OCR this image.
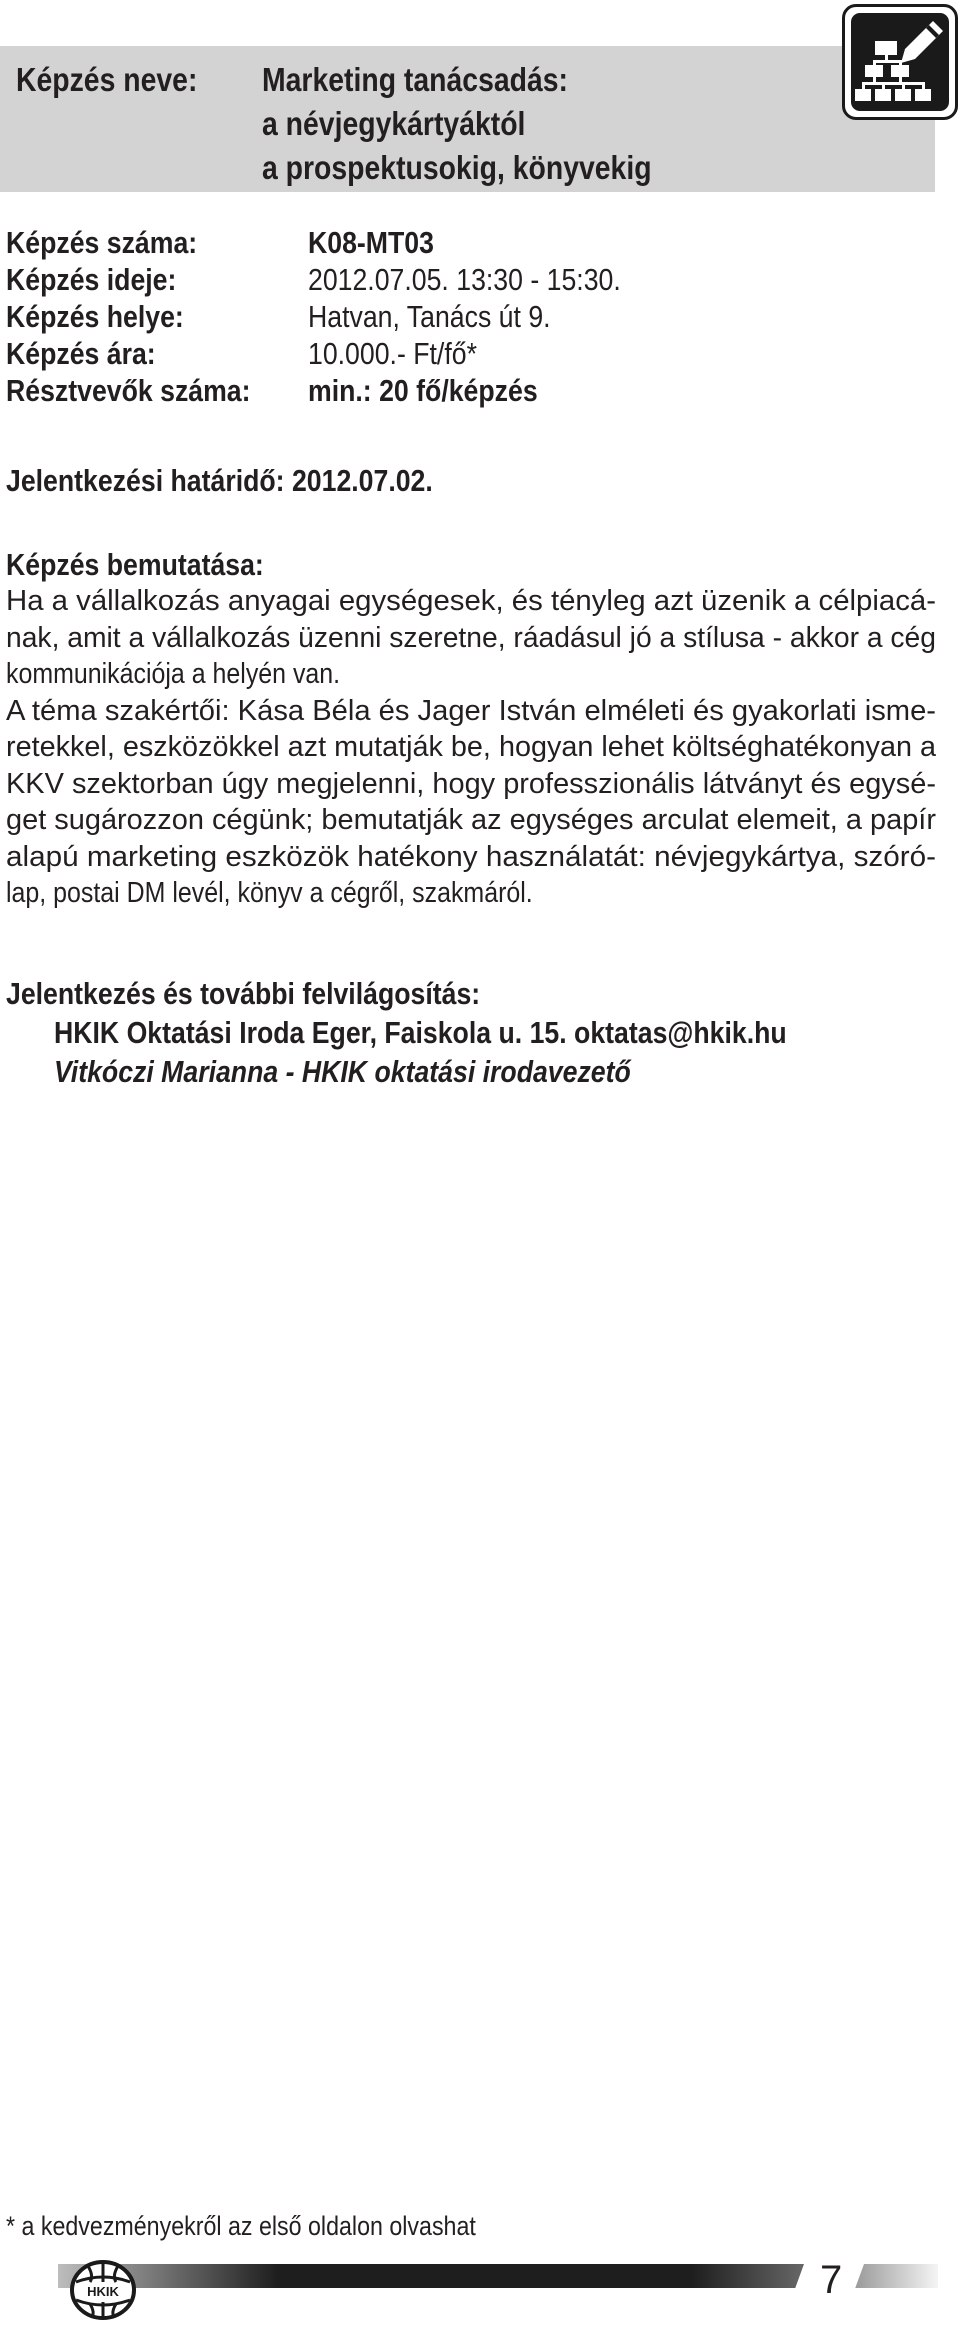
Képzés neve:	Marketing tanácsadás:
a névjegykártyáktól
a prospektusokig, könyvekig
Képzés száma:	K08-MT03
Képzés ideje:	2012.07.05. 13:30 - 15:30.
Képzés helye:	Hatvan, Tanács út 9.
Képzés ára:	10.000.- Ft/fő*
Résztvevők száma:	min.: 20 fő/képzés
Jelentkezési határidő: 2012.07.02.
Képzés bemutatása:
Ha a vállalkozás anyagai egységesek, és tényleg azt üzenik a célpiacá-
nak, amit a vállalkozás üzenni szeretne, ráadásul jó a stílusa - akkor a cég
kommunikációja a helyén van.
A téma szakértői: Kása Béla és Jager István elméleti és gyakorlati isme-
retekkel, eszközökkel azt mutatják be, hogyan lehet költséghatékonyan a
KKV szektorban úgy megjelenni, hogy professzionális látványt és egysé-
get sugározzon cégünk; bemutatják az egységes arculat elemeit, a papír
alapú marketing eszközök hatékony használatát: névjegykártya, szóró-
lap, postai DM levél, könyv a cégről, szakmáról.
Jelentkezés és további felvilágosítás:
HKIK Oktatási Iroda Eger, Faiskola u. 15. oktatas@hkik.hu
Vitkóczi Marianna - HKIK oktatási irodavezető
* a kedvezményekről az első oldalon olvashat
7
HKIK
